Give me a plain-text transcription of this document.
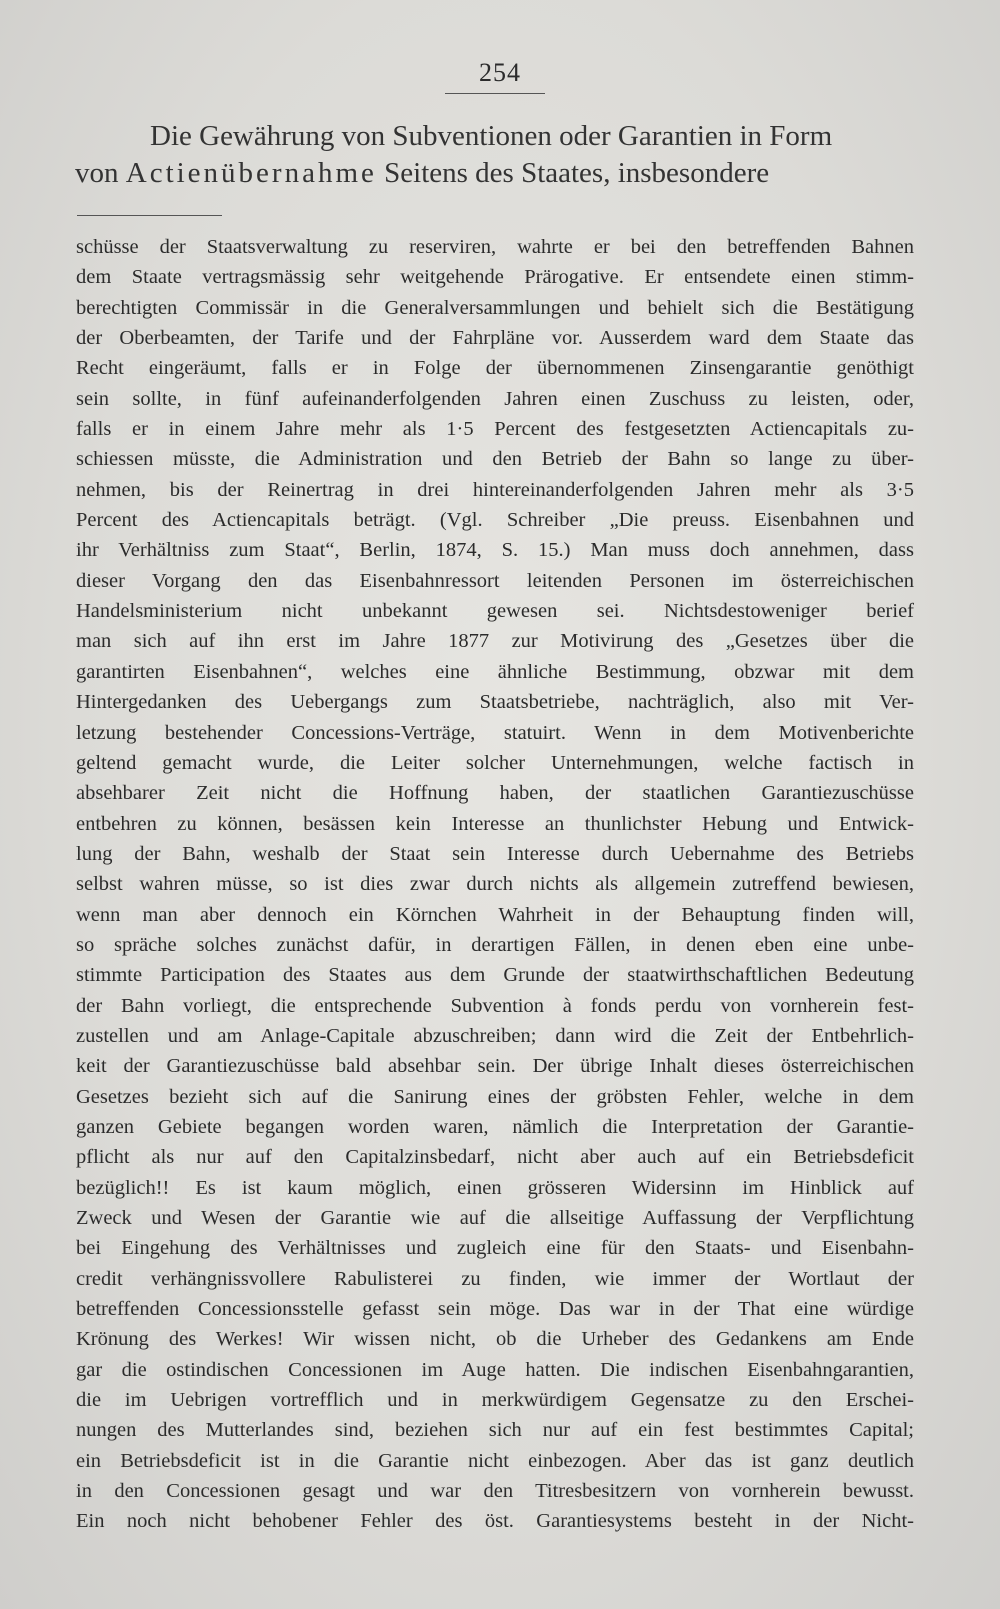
254
Die Gewährung von Subventionen oder Garantien in Form
von Actienübernahme Seitens des Staates, insbesondere
schüsse der Staatsverwaltung zu reserviren, wahrte er bei den betreffenden Bahnen
dem Staate vertragsmässig sehr weitgehende Prärogative. Er entsendete einen stimm-
berechtigten Commissär in die Generalversammlungen und behielt sich die Bestätigung
der Oberbeamten, der Tarife und der Fahrpläne vor. Ausserdem ward dem Staate das
Recht eingeräumt, falls er in Folge der übernommenen Zinsengarantie genöthigt
sein sollte, in fünf aufeinanderfolgenden Jahren einen Zuschuss zu leisten, oder,
falls er in einem Jahre mehr als 1·5 Percent des festgesetzten Actiencapitals zu-
schiessen müsste, die Administration und den Betrieb der Bahn so lange zu über-
nehmen, bis der Reinertrag in drei hintereinanderfolgenden Jahren mehr als 3·5
Percent des Actiencapitals beträgt. (Vgl. Schreiber „Die preuss. Eisenbahnen und
ihr Verhältniss zum Staat“, Berlin, 1874, S. 15.) Man muss doch annehmen, dass
dieser Vorgang den das Eisenbahnressort leitenden Personen im österreichischen
Handelsministerium nicht unbekannt gewesen sei. Nichtsdestoweniger berief
man sich auf ihn erst im Jahre 1877 zur Motivirung des „Gesetzes über die
garantirten Eisenbahnen“, welches eine ähnliche Bestimmung, obzwar mit dem
Hintergedanken des Uebergangs zum Staatsbetriebe, nachträglich, also mit Ver-
letzung bestehender Concessions-Verträge, statuirt. Wenn in dem Motivenberichte
geltend gemacht wurde, die Leiter solcher Unternehmungen, welche factisch in
absehbarer Zeit nicht die Hoffnung haben, der staatlichen Garantiezuschüsse
entbehren zu können, besässen kein Interesse an thunlichster Hebung und Entwick-
lung der Bahn, weshalb der Staat sein Interesse durch Uebernahme des Betriebs
selbst wahren müsse, so ist dies zwar durch nichts als allgemein zutreffend bewiesen,
wenn man aber dennoch ein Körnchen Wahrheit in der Behauptung finden will,
so spräche solches zunächst dafür, in derartigen Fällen, in denen eben eine unbe-
stimmte Participation des Staates aus dem Grunde der staatwirthschaftlichen Bedeutung
der Bahn vorliegt, die entsprechende Subvention à fonds perdu von vornherein fest-
zustellen und am Anlage-Capitale abzuschreiben; dann wird die Zeit der Entbehrlich-
keit der Garantiezuschüsse bald absehbar sein. Der übrige Inhalt dieses österreichischen
Gesetzes bezieht sich auf die Sanirung eines der gröbsten Fehler, welche in dem
ganzen Gebiete begangen worden waren, nämlich die Interpretation der Garantie-
pflicht als nur auf den Capitalzinsbedarf, nicht aber auch auf ein Betriebsdeficit
bezüglich!! Es ist kaum möglich, einen grösseren Widersinn im Hinblick auf
Zweck und Wesen der Garantie wie auf die allseitige Auffassung der Verpflichtung
bei Eingehung des Verhältnisses und zugleich eine für den Staats- und Eisenbahn-
credit verhängnissvollere Rabulisterei zu finden, wie immer der Wortlaut der
betreffenden Concessionsstelle gefasst sein möge. Das war in der That eine würdige
Krönung des Werkes! Wir wissen nicht, ob die Urheber des Gedankens am Ende
gar die ostindischen Concessionen im Auge hatten. Die indischen Eisenbahngarantien,
die im Uebrigen vortrefflich und in merkwürdigem Gegensatze zu den Erschei-
nungen des Mutterlandes sind, beziehen sich nur auf ein fest bestimmtes Capital;
ein Betriebsdeficit ist in die Garantie nicht einbezogen. Aber das ist ganz deutlich
in den Concessionen gesagt und war den Titresbesitzern von vornherein bewusst.
Ein noch nicht behobener Fehler des öst. Garantiesystems besteht in der Nicht-
